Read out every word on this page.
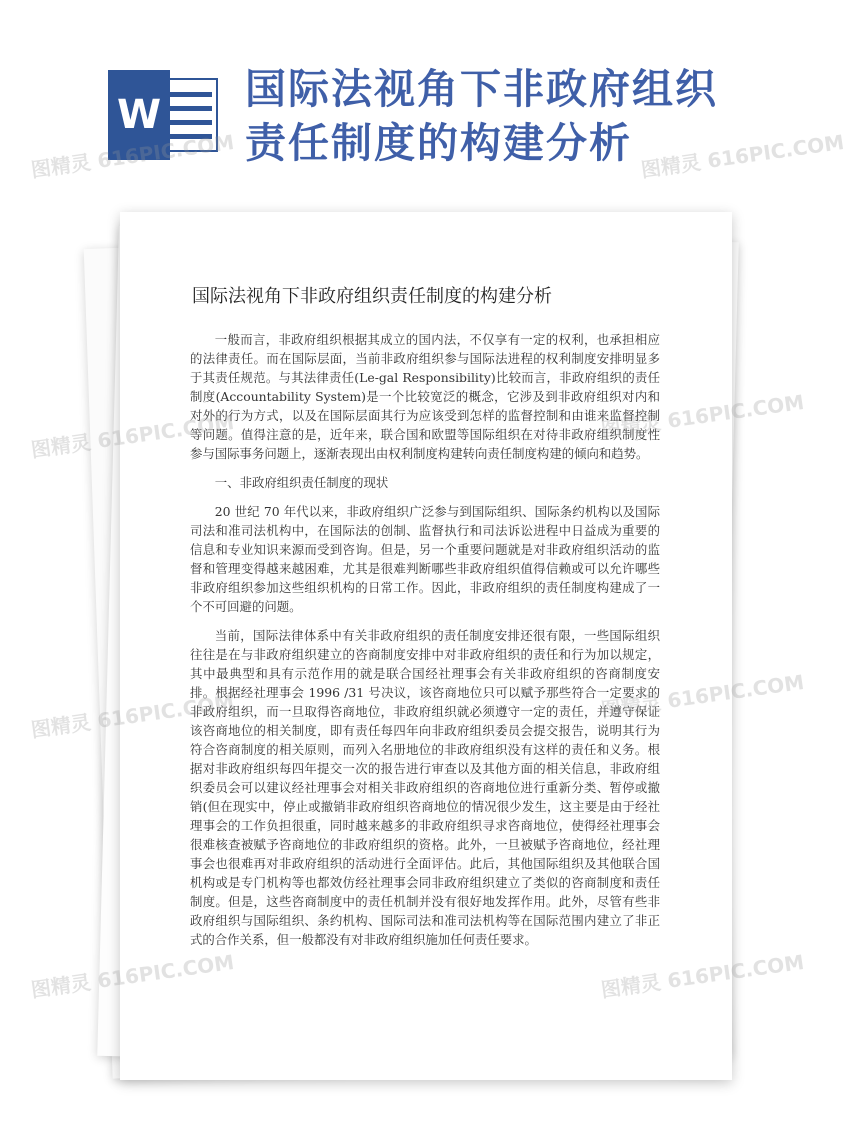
W
国际法视角下非政府组织责任制度的构建分析
国际法视角下非政府组织责任制度的构建分析

一般而言，非政府组织根据其成立的国内法，不仅享有一定的权利，也承担相应的法律责任。而在国际层面，当前非政府组织参与国际法进程的权利制度安排明显多于其责任规范。与其法律责任(Le-gal Responsibility)比较而言，非政府组织的责任制度(Accountability System)是一个比较宽泛的概念，它涉及到非政府组织对内和对外的行为方式，以及在国际层面其行为应该受到怎样的监督控制和由谁来监督控制等问题。值得注意的是，近年来，联合国和欧盟等国际组织在对待非政府组织制度性参与国际事务问题上，逐渐表现出由权利制度构建转向责任制度构建的倾向和趋势。

一、非政府组织责任制度的现状

20 世纪 70 年代以来，非政府组织广泛参与到国际组织、国际条约机构以及国际司法和准司法机构中，在国际法的创制、监督执行和司法诉讼进程中日益成为重要的信息和专业知识来源而受到咨询。但是，另一个重要问题就是对非政府组织活动的监督和管理变得越来越困难，尤其是很难判断哪些非政府组织值得信赖或可以允许哪些非政府组织参加这些组织机构的日常工作。因此，非政府组织的责任制度构建成了一个不可回避的问题。

当前，国际法律体系中有关非政府组织的责任制度安排还很有限，一些国际组织往往是在与非政府组织建立的咨商制度安排中对非政府组织的责任和行为加以规定，其中最典型和具有示范作用的就是联合国经社理事会有关非政府组织的咨商制度安排。根据经社理事会 1996 /31 号决议，该咨商地位只可以赋予那些符合一定要求的非政府组织，而一旦取得咨商地位，非政府组织就必须遵守一定的责任，并遵守保证该咨商地位的相关制度，即有责任每四年向非政府组织委员会提交报告，说明其行为符合咨商制度的相关原则，而列入名册地位的非政府组织没有这样的责任和义务。根据对非政府组织每四年提交一次的报告进行审查以及其他方面的相关信息，非政府组织委员会可以建议经社理事会对相关非政府组织的咨商地位进行重新分类、暂停或撤销(但在现实中，停止或撤销非政府组织咨商地位的情况很少发生，这主要是由于经社理事会的工作负担很重，同时越来越多的非政府组织寻求咨商地位，使得经社理事会很难核查被赋予咨商地位的非政府组织的资格。此外，一旦被赋予咨商地位，经社理事会也很难再对非政府组织的活动进行全面评估。此后，其他国际组织及其他联合国机构或是专门机构等也都效仿经社理事会同非政府组织建立了类似的咨商制度和责任制度。但是，这些咨商制度中的责任机制并没有很好地发挥作用。此外，尽管有些非政府组织与国际组织、条约机构、国际司法和准司法机构等在国际范围内建立了非正式的合作关系，但一般都没有对非政府组织施加任何责任要求。

图精灵 616PIC.COM	图精灵 616PIC.COM
图精灵 616PIC.COM	图精灵 616PIC.COM
图精灵 616PIC.COM	图精灵 616PIC.COM
图精灵 616PIC.COM	图精灵 616PIC.COM
